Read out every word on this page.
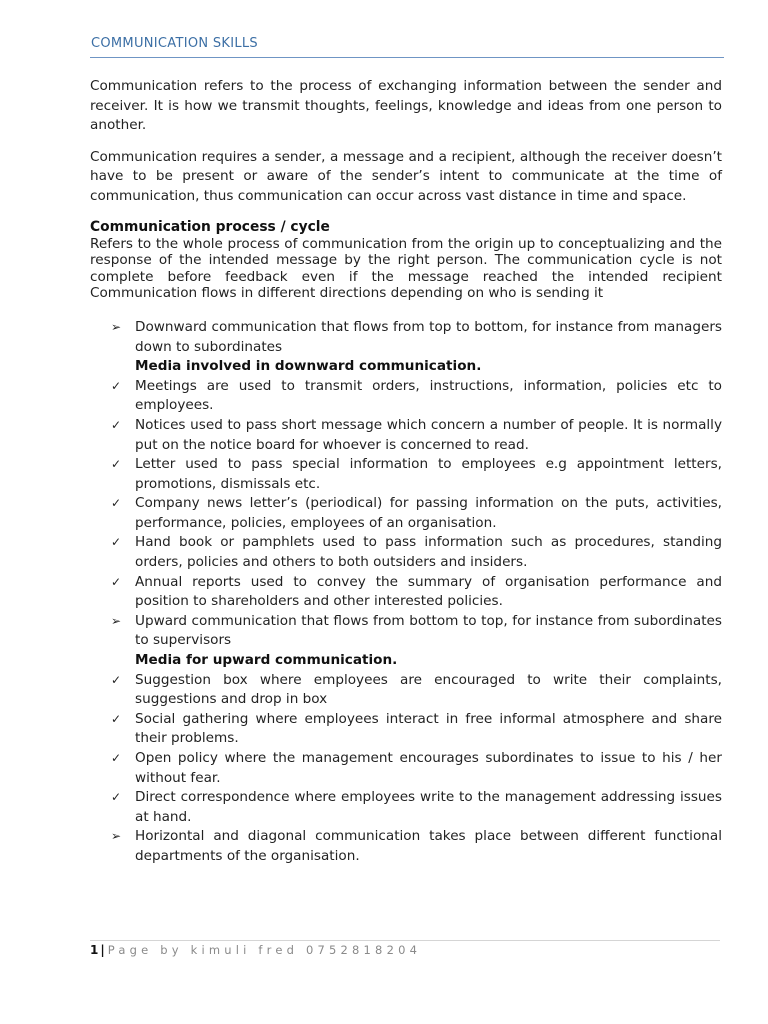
COMMUNICATION SKILLS

Communication refers to the process of exchanging information between the sender and receiver. It is how we transmit thoughts, feelings, knowledge and ideas from one person to another.

Communication requires a sender, a message and a recipient, although the receiver doesn’t have to be present or aware of the sender’s intent to communicate at the time of communication, thus communication can occur across vast distance in time and space.

Communication process / cycle

Refers to the whole process of communication from the origin up to conceptualizing and the response of the intended message by the right person. The communication cycle is not complete before feedback even if the message reached the intended recipient Communication flows in different directions depending on who is sending it

➢ Downward communication that flows from top to bottom, for instance from managers down to subordinates
Media involved in downward communication.
✓ Meetings are used to transmit orders, instructions, information, policies etc to employees.
✓ Notices used to pass short message which concern a number of people. It is normally put on the notice board for whoever is concerned to read.
✓ Letter used to pass special information to employees e.g appointment letters, promotions, dismissals etc.
✓ Company news letter’s (periodical) for passing information on the puts, activities, performance, policies, employees of an organisation.
✓ Hand book or pamphlets used to pass information such as procedures, standing orders, policies and others to both outsiders and insiders.
✓ Annual reports used to convey the summary of organisation performance and position to shareholders and other interested policies.
➢ Upward communication that flows from bottom to top, for instance from subordinates to supervisors
Media for upward communication.
✓ Suggestion box where employees are encouraged to write their complaints, suggestions and drop in box
✓ Social gathering where employees interact in free informal atmosphere and share their problems.
✓ Open policy where the management encourages subordinates to issue to his / her without fear.
✓ Direct correspondence where employees write to the management addressing issues at hand.
➢ Horizontal and diagonal communication takes place between different functional departments of the organisation.
1 | Page by kimuli fred 0752818204
